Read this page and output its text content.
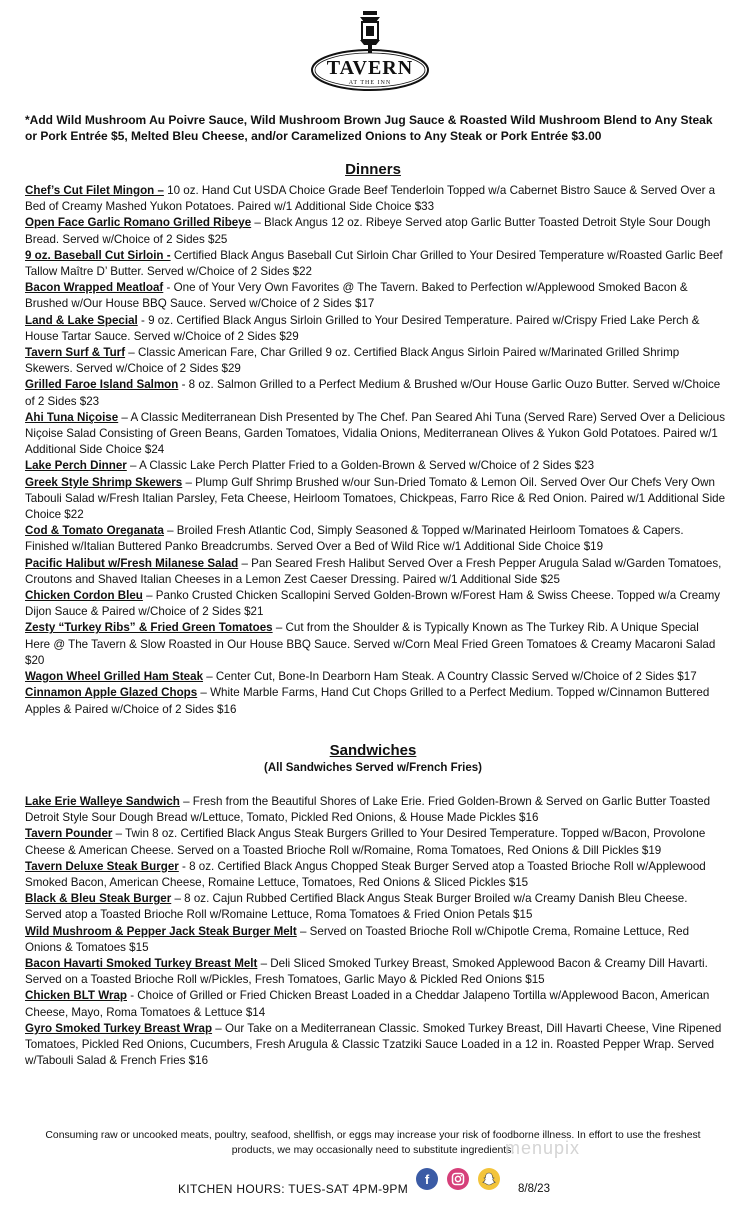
TAVERN
AT THE INN
*Add Wild Mushroom Au Poivre Sauce, Wild Mushroom Brown Jug Sauce & Roasted Wild Mushroom Blend to Any Steak or Pork Entrée $5, Melted Bleu Cheese, and/or Caramelized Onions to Any Steak or Pork Entrée $3.00
Dinners

Chef’s Cut Filet Mingon – 10 oz. Hand Cut USDA Choice Grade Beef Tenderloin Topped w/a Cabernet Bistro Sauce & Served Over a Bed of Creamy Mashed Yukon Potatoes. Paired w/1 Additional Side Choice $33

Open Face Garlic Romano Grilled Ribeye – Black Angus 12 oz. Ribeye Served atop Garlic Butter Toasted Detroit Style Sour Dough Bread. Served w/Choice of 2 Sides $25

9 oz. Baseball Cut Sirloin - Certified Black Angus Baseball Cut Sirloin Char Grilled to Your Desired Temperature w/Roasted Garlic Beef Tallow Maître D’ Butter. Served w/Choice of 2 Sides $22

Bacon Wrapped Meatloaf - One of Your Very Own Favorites @ The Tavern. Baked to Perfection w/Applewood Smoked Bacon & Brushed w/Our House BBQ Sauce. Served w/Choice of 2 Sides $17

Land & Lake Special - 9 oz. Certified Black Angus Sirloin Grilled to Your Desired Temperature. Paired w/Crispy Fried Lake Perch & House Tartar Sauce. Served w/Choice of 2 Sides $29

Tavern Surf & Turf – Classic American Fare, Char Grilled 9 oz. Certified Black Angus Sirloin Paired w/Marinated Grilled Shrimp Skewers. Served w/Choice of 2 Sides $29

Grilled Faroe Island Salmon - 8 oz. Salmon Grilled to a Perfect Medium & Brushed w/Our House Garlic Ouzo Butter. Served w/Choice of 2 Sides $23

Ahi Tuna Niçoise – A Classic Mediterranean Dish Presented by The Chef. Pan Seared Ahi Tuna (Served Rare) Served Over a Delicious Niçoise Salad Consisting of Green Beans, Garden Tomatoes, Vidalia Onions, Mediterranean Olives & Yukon Gold Potatoes. Paired w/1 Additional Side Choice $24

Lake Perch Dinner – A Classic Lake Perch Platter Fried to a Golden-Brown & Served w/Choice of 2 Sides $23

Greek Style Shrimp Skewers – Plump Gulf Shrimp Brushed w/our Sun-Dried Tomato & Lemon Oil. Served Over Our Chefs Very Own Tabouli Salad w/Fresh Italian Parsley, Feta Cheese, Heirloom Tomatoes, Chickpeas, Farro Rice & Red Onion. Paired w/1 Additional Side Choice $22

Cod & Tomato Oreganata – Broiled Fresh Atlantic Cod, Simply Seasoned & Topped w/Marinated Heirloom Tomatoes & Capers. Finished w/Italian Buttered Panko Breadcrumbs. Served Over a Bed of Wild Rice w/1 Additional Side Choice $19

Pacific Halibut w/Fresh Milanese Salad – Pan Seared Fresh Halibut Served Over a Fresh Pepper Arugula Salad w/Garden Tomatoes, Croutons and Shaved Italian Cheeses in a Lemon Zest Caeser Dressing. Paired w/1 Additional Side $25

Chicken Cordon Bleu – Panko Crusted Chicken Scallopini Served Golden-Brown w/Forest Ham & Swiss Cheese. Topped w/a Creamy Dijon Sauce & Paired w/Choice of 2 Sides $21

Zesty “Turkey Ribs” & Fried Green Tomatoes – Cut from the Shoulder & is Typically Known as The Turkey Rib. A Unique Special Here @ The Tavern & Slow Roasted in Our House BBQ Sauce. Served w/Corn Meal Fried Green Tomatoes & Creamy Macaroni Salad $20

Wagon Wheel Grilled Ham Steak – Center Cut, Bone-In Dearborn Ham Steak. A Country Classic Served w/Choice of 2 Sides $17

Cinnamon Apple Glazed Chops – White Marble Farms, Hand Cut Chops Grilled to a Perfect Medium. Topped w/Cinnamon Buttered Apples & Paired w/Choice of 2 Sides $16

Sandwiches
(All Sandwiches Served w/French Fries)

Lake Erie Walleye Sandwich – Fresh from the Beautiful Shores of Lake Erie. Fried Golden-Brown & Served on Garlic Butter Toasted Detroit Style Sour Dough Bread w/Lettuce, Tomato, Pickled Red Onions, & House Made Pickles $16

Tavern Pounder – Twin 8 oz. Certified Black Angus Steak Burgers Grilled to Your Desired Temperature. Topped w/Bacon, Provolone Cheese & American Cheese. Served on a Toasted Brioche Roll w/Romaine, Roma Tomatoes, Red Onions & Dill Pickles $19

Tavern Deluxe Steak Burger - 8 oz. Certified Black Angus Chopped Steak Burger Served atop a Toasted Brioche Roll w/Applewood Smoked Bacon, American Cheese, Romaine Lettuce, Tomatoes, Red Onions & Sliced Pickles $15

Black & Bleu Steak Burger – 8 oz. Cajun Rubbed Certified Black Angus Steak Burger Broiled w/a Creamy Danish Bleu Cheese. Served atop a Toasted Brioche Roll w/Romaine Lettuce, Roma Tomatoes & Fried Onion Petals $15

Wild Mushroom & Pepper Jack Steak Burger Melt – Served on Toasted Brioche Roll w/Chipotle Crema, Romaine Lettuce, Red Onions & Tomatoes $15

Bacon Havarti Smoked Turkey Breast Melt – Deli Sliced Smoked Turkey Breast, Smoked Applewood Bacon & Creamy Dill Havarti. Served on a Toasted Brioche Roll w/Pickles, Fresh Tomatoes, Garlic Mayo & Pickled Red Onions $15

Chicken BLT Wrap - Choice of Grilled or Fried Chicken Breast Loaded in a Cheddar Jalapeno Tortilla w/Applewood Bacon, American Cheese, Mayo, Roma Tomatoes & Lettuce $14

Gyro Smoked Turkey Breast Wrap – Our Take on a Mediterranean Classic. Smoked Turkey Breast, Dill Havarti Cheese, Vine Ripened Tomatoes, Pickled Red Onions, Cucumbers, Fresh Arugula & Classic Tzatziki Sauce Loaded in a 12 in. Roasted Pepper Wrap. Served w/Tabouli Salad & French Fries $16

Consuming raw or uncooked meats, poultry, seafood, shellfish, or eggs may increase your risk of foodborne illness. In effort to use the freshest products, we may occasionally need to substitute ingredients.
menupix
KITCHEN HOURS: TUES-SAT 4PM-9PM
f
8/8/23
